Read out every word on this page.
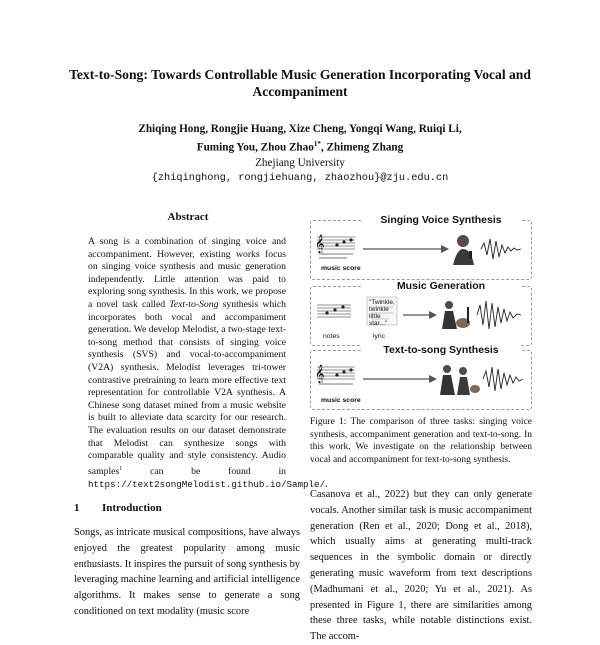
Text-to-Song: Towards Controllable Music Generation Incorporating Vocal and Accompaniment
Zhiqing Hong, Rongjie Huang, Xize Cheng, Yongqi Wang, Ruiqi Li,
Fuming You, Zhou Zhao$^{1*}$, Zhimeng Zhang
Zhejiang University
{zhiqinghong, rongjiehuang, zhaozhou}@zju.edu.cn
Abstract
A song is a combination of singing voice and accompaniment. However, existing works focus on singing voice synthesis and music generation independently. Little attention was paid to exploring song synthesis. In this work, we propose a novel task called Text-to-Song synthesis which incorporates both vocal and accompaniment generation. We develop Melodist, a two-stage text-to-song method that consists of singing voice synthesis (SVS) and vocal-to-accompaniment (V2A) synthesis. Melodist leverages tri-tower contrastive pretraining to learn more effective text representation for controllable V2A synthesis. A Chinese song dataset mined from a music website is built to alleviate data scarcity for our research. The evaluation results on our dataset demonstrate that Melodist can synthesize songs with comparable quality and style consistency. Audio samples$^1$ can be found in https://text2songMelodist.github.io/Sample/.
1 Introduction
Songs, as intricate musical compositions, have always enjoyed the greatest popularity among music enthusiasts. It inspires the pursuit of song synthesis by leveraging machine learning and artificial intelligence algorithms. It makes sense to generate a song conditioned on text modality (music score
Singing Voice Synthesis
𝄞
music score
Music Generation
"Twinkle, twinkle little star..."
notes	lyric
Text-to-song Synthesis
𝄞
music score
Figure 1: The comparison of three tasks: singing voice synthesis, accompaniment generation and text-to-song. In this work, We investigate on the relationship between vocal and accompaniment for text-to-song synthesis.
Casanova et al., 2022) but they can only generate vocals. Another similar task is music accompaniment generation (Ren et al., 2020; Dong et al., 2018), which usually aims at generating multi-track sequences in the symbolic domain or directly generating music waveform from text descriptions (Madhumani et al., 2020; Yu et al., 2021). As presented in Figure 1, there are similarities among these three tasks, while notable distinctions exist. The accom-
